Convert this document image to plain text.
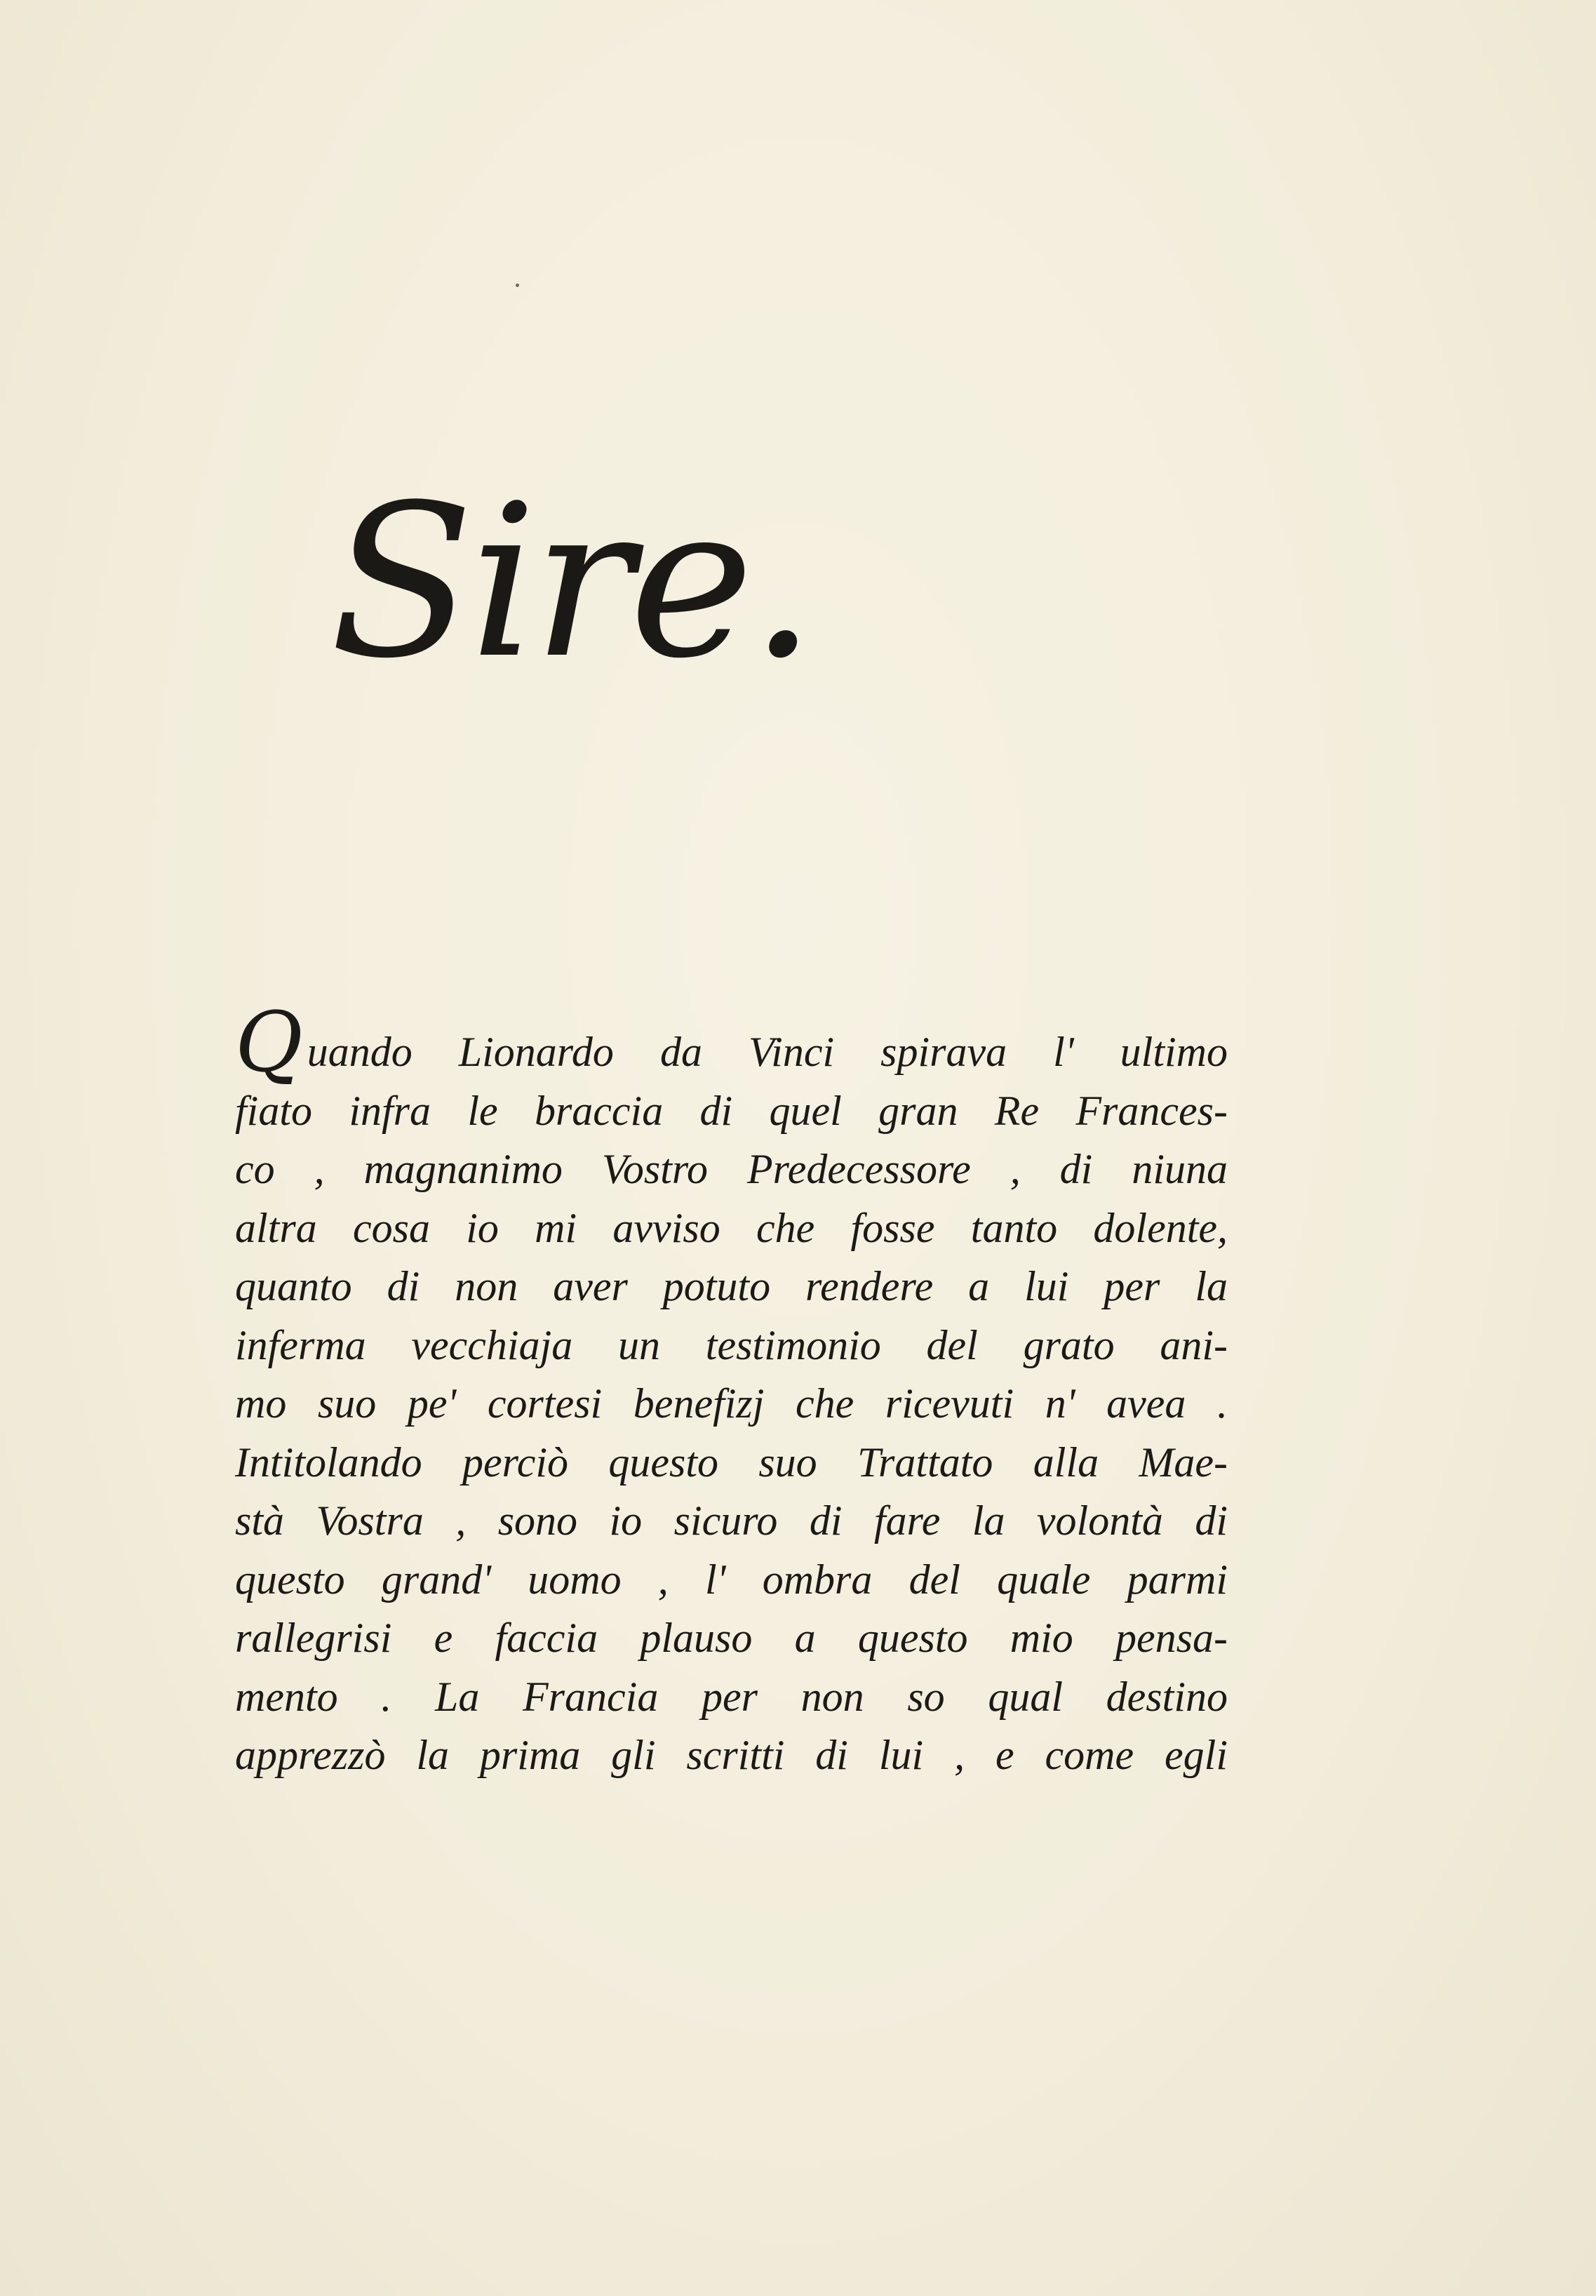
Sire.
Quando Lionardo da Vinci spirava l' ultimo
fiato infra le braccia di quel gran Re Frances-
co , magnanimo Vostro Predecessore , di niuna
altra cosa io mi avviso che fosse tanto dolente,
quanto di non aver potuto rendere a lui per la
inferma vecchiaja un testimonio del grato ani-
mo suo pe' cortesi benefizj che ricevuti n' avea .
Intitolando perciò questo suo Trattato alla Mae-
stà Vostra , sono io sicuro di fare la volontà di
questo grand' uomo , l' ombra del quale parmi
rallegrisi e faccia plauso a questo mio pensa-
mento . La Francia per non so qual destino
apprezzò la prima gli scritti di lui , e come egli
